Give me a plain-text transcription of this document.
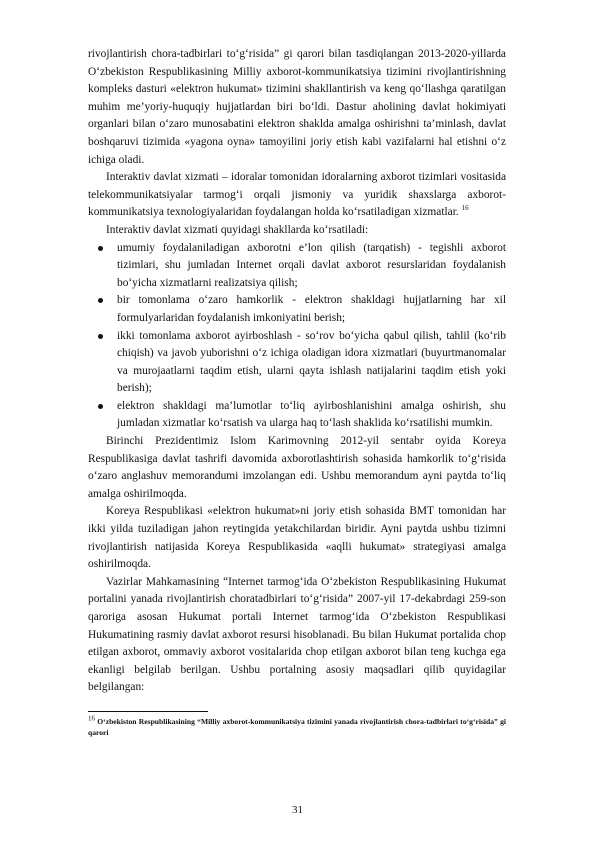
rivojlantirish chora-tadbirlari to‘g‘risida” gi qarori bilan tasdiqlangan 2013-2020-yillarda O‘zbekiston Respublikasining Milliy axborot-kommunikatsiya tizimini rivojlantirishning kompleks dasturi «elektron hukumat» tizimini shakllantirish va keng qo‘llashga qaratilgan muhim me’yoriy-huquqiy hujjatlardan biri bo‘ldi. Dastur aholining davlat hokimiyati organlari bilan o‘zaro munosabatini elektron shaklda amalga oshirishni ta’minlash, davlat boshqaruvi tizimida «yagona oyna» tamoyilini joriy etish kabi vazifalarni hal etishni o‘z ichiga oladi.

Interaktiv davlat xizmati – idoralar tomonidan idoralarning axborot tizimlari vositasida telekommunikatsiyalar tarmog‘i orqali jismoniy va yuridik shaxslarga axborot-kommunikatsiya texnologiyalaridan foydalangan holda ko‘rsatiladigan xizmatlar. $^{16}$

Interaktiv davlat xizmati quyidagi shakllarda ko‘rsatiladi:

umumiy foydalaniladigan axborotni e’lon qilish (tarqatish) - tegishli axborot tizimlari, shu jumladan Internet orqali davlat axborot resurslaridan foydalanish bo‘yicha xizmatlarni realizatsiya qilish;
bir tomonlama o‘zaro hamkorlik - elektron shakldagi hujjatlarning har xil formulyarlaridan foydalanish imkoniyatini berish;
ikki tomonlama axborot ayirboshlash - so‘rov bo‘yicha qabul qilish, tahlil (ko‘rib chiqish) va javob yuborishni o‘z ichiga oladigan idora xizmatlari (buyurtmanomalar va murojaatlarni taqdim etish, ularni qayta ishlash natijalarini taqdim etish yoki berish);
elektron shakldagi ma’lumotlar to‘liq ayirboshlanishini amalga oshirish, shu jumladan xizmatlar ko‘rsatish va ularga haq to‘lash shaklida ko‘rsatilishi mumkin.

Birinchi Prezidentimiz Islom Karimovning 2012-yil sentabr oyida Koreya Respublikasiga davlat tashrifi davomida axborotlashtirish sohasida hamkorlik to‘g‘risida o‘zaro anglashuv memorandumi imzolangan edi. Ushbu memorandum ayni paytda to‘liq amalga oshirilmoqda.

Koreya Respublikasi «elektron hukumat»ni joriy etish sohasida BMT tomonidan har ikki yilda tuziladigan jahon reytingida yetakchilardan biridir. Ayni paytda ushbu tizimni rivojlantirish natijasida Koreya Respublikasida «aqlli hukumat» strategiyasi amalga oshirilmoqda.

Vazirlar Mahkamasining “Internet tarmog‘ida O‘zbekiston Respublikasining Hukumat portalini yanada rivojlantirish choratadbirlari to‘g‘risida” 2007-yil 17-dekabrdagi 259-son qaroriga asosan Hukumat portali Internet tarmog‘ida O‘zbekiston Respublikasi Hukumatining rasmiy davlat axborot resursi hisoblanadi. Bu bilan Hukumat portalida chop etilgan axborot, ommaviy axborot vositalarida chop etilgan axborot bilan teng kuchga ega ekanligi belgilab berilgan. Ushbu portalning asosiy maqsadlari qilib quyidagilar belgilangan:

$^{16}$ O‘zbekiston Respublikasining “Milliy axborot-kommunikatsiya tizimini yanada rivojlantirish chora-tadbirlari to‘g‘risida” gi qarori
31
